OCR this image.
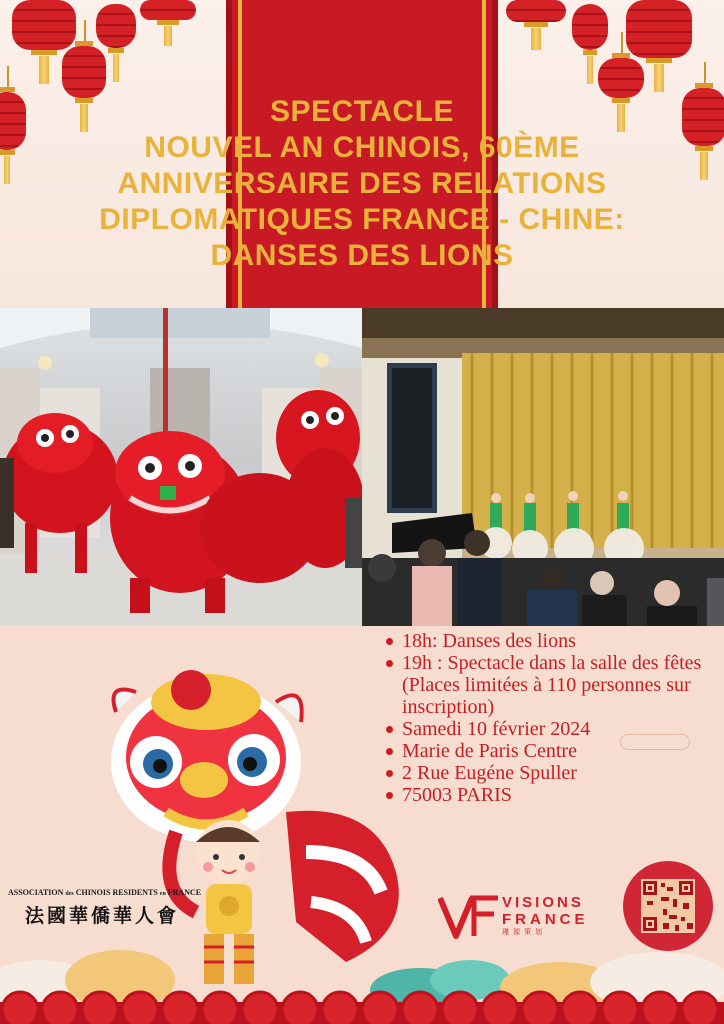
SPECTACLE
NOUVEL AN CHINOIS, 60ÈME
ANNIVERSAIRE DES RELATIONS
DIPLOMATIQUES FRANCE - CHINE:
DANSES DES LIONS
18h: Danses des lions
19h : Spectacle dans la salle des fêtes (Places limitées à 110 personnes sur inscription)
Samedi 10 février 2024
Marie de Paris Centre
2 Rue Eugéne Spuller
75003 PARIS
ASSOCIATION des CHINOIS RESIDENTS en FRANCE
法國華僑華人會
VISIONS
FRANCE
瑾源策划
